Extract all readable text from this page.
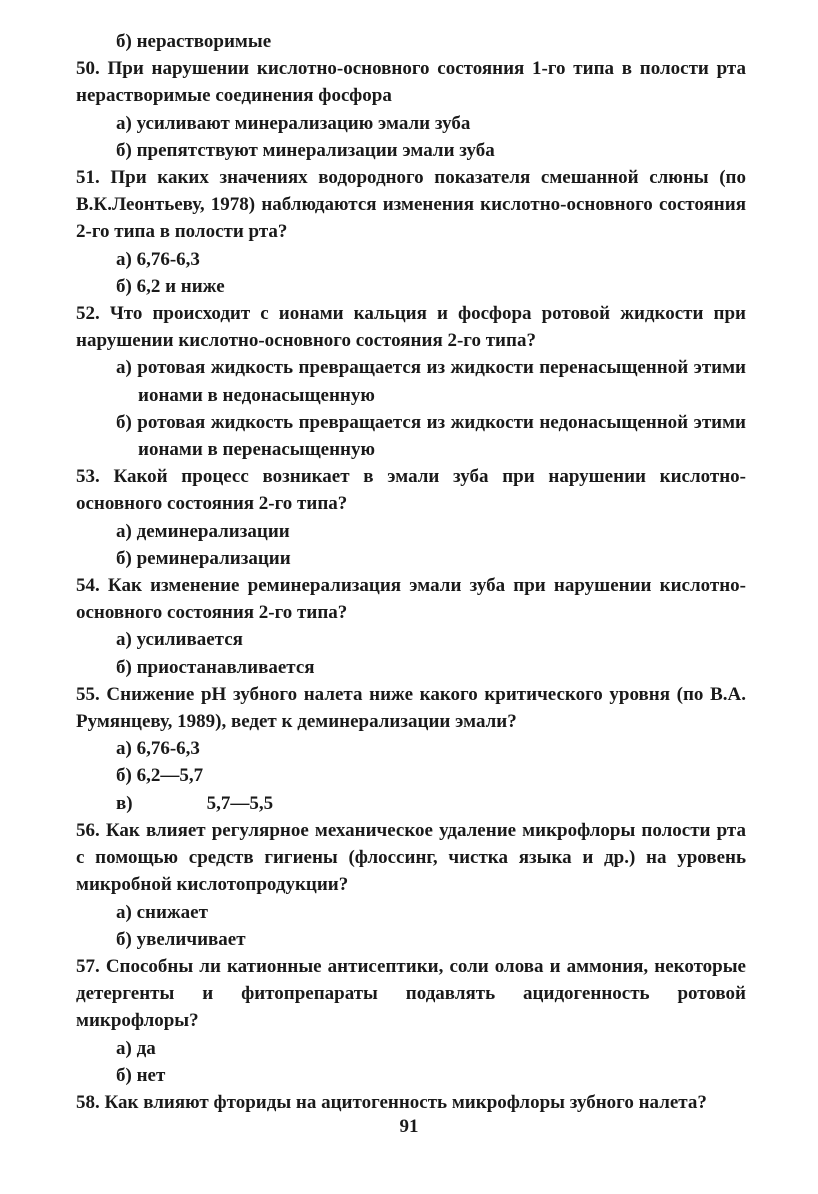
б) нерастворимые
50. При нарушении кислотно-основного состояния 1-го типа в полости рта нерастворимые соединения фосфора
а) усиливают минерализацию эмали зуба
б) препятствуют минерализации эмали зуба
51. При каких значениях водородного показателя смешанной слюны (по В.К.Леонтьеву, 1978) наблюдаются изменения кислотно-основного состояния 2-го типа в полости рта?
а) 6,76-6,3
б) 6,2 и ниже
52. Что происходит с ионами кальция и фосфора ротовой жидкости при нарушении кислотно-основного состояния 2-го типа?
а) ротовая жидкость превращается из жидкости перенасыщенной этими ионами в недонасыщенную
б) ротовая жидкость превращается из жидкости недонасыщенной этими ионами в перенасыщенную
53. Какой процесс возникает в эмали зуба при нарушении кислотно-основного состояния 2-го типа?
а) деминерализации
б) реминерализации
54. Как изменение реминерализация эмали зуба при нарушении кислотно-основного состояния 2-го типа?
а) усиливается
б) приостанавливается
55. Снижение pH зубного налета ниже какого критического уровня (по В.А. Румянцеву, 1989), ведет к деминерализации эмали?
а) 6,76-6,3
б) 6,2—5,7
в)	5,7—5,5
56. Как влияет регулярное механическое удаление микрофлоры полости рта с помощью средств гигиены (флоссинг, чистка языка и др.) на уровень микробной кислотопродукции?
а) снижает
б) увеличивает
57. Способны ли катионные антисептики, соли олова и аммония, некоторые детергенты и фитопрепараты подавлять ацидогенность ротовой микрофлоры?
а) да
б) нет
58. Как влияют фториды на ацитогенность микрофлоры зубного налета?
91
